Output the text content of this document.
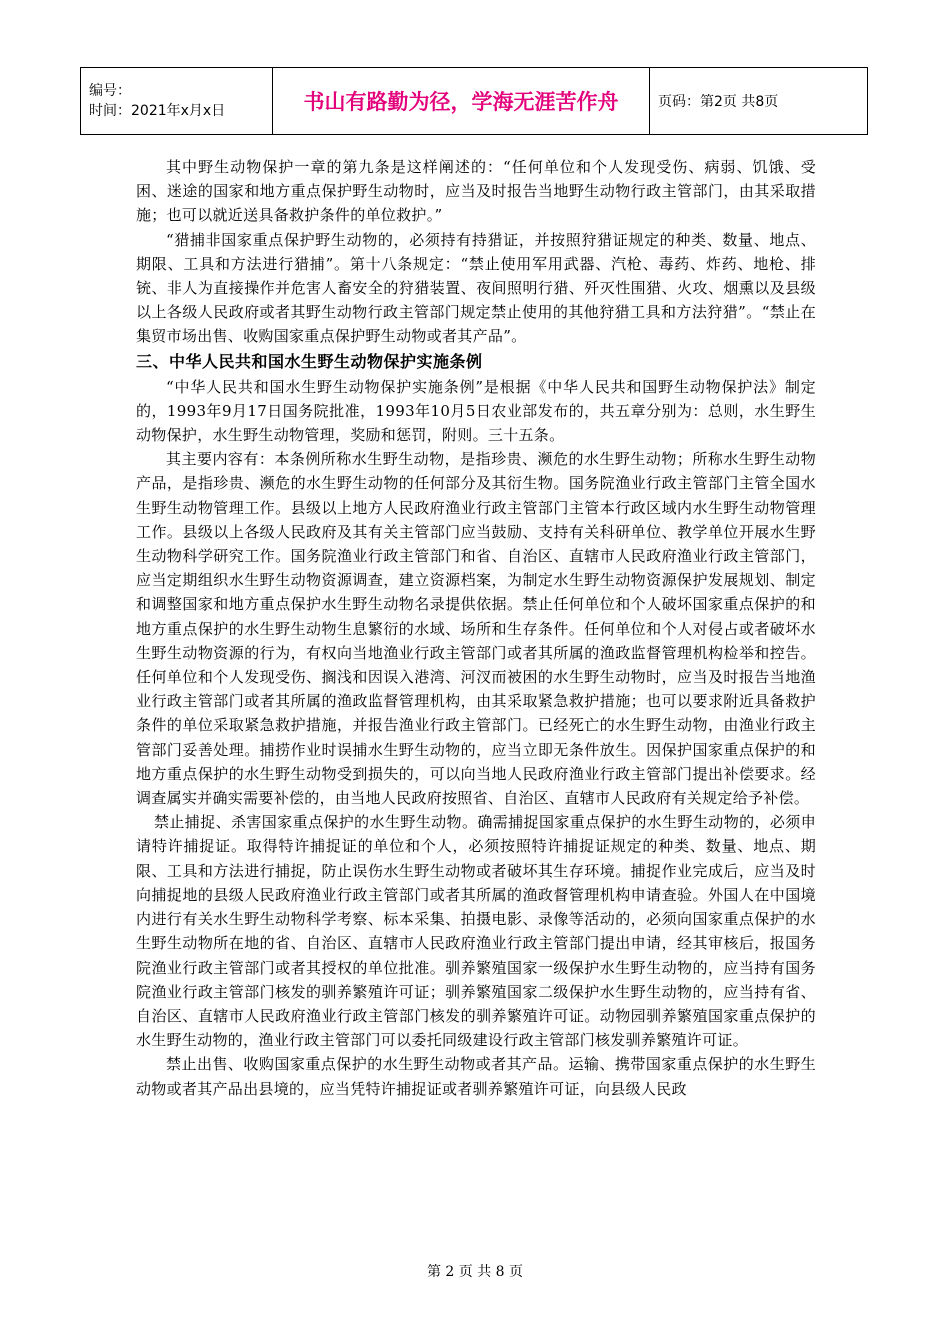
编号：
时间：2021年x月x日	书山有路勤为径，学海无涯苦作舟	页码：第2页 共8页

其中野生动物保护一章的第九条是这样阐述的：“任何单位和个人发现受伤、病弱、饥饿、受困、迷途的国家和地方重点保护野生动物时，应当及时报告当地野生动物行政主管部门，由其采取措施；也可以就近送具备救护条件的单位救护。”

“猎捕非国家重点保护野生动物的，必须持有持猎证，并按照狩猎证规定的种类、数量、地点、期限、工具和方法进行猎捕”。第十八条规定：“禁止使用军用武器、汽枪、毒药、炸药、地枪、排铳、非人为直接操作并危害人畜安全的狩猎装置、夜间照明行猎、歼灭性围猎、火攻、烟熏以及县级以上各级人民政府或者其野生动物行政主管部门规定禁止使用的其他狩猎工具和方法狩猎”。“禁止在集贸市场出售、收购国家重点保护野生动物或者其产品”。

三、中华人民共和国水生野生动物保护实施条例

“中华人民共和国水生野生动物保护实施条例”是根据《中华人民共和国野生动物保护法》制定的，1993年9月17日国务院批准，1993年10月5日农业部发布的，共五章分别为：总则，水生野生动物保护，水生野生动物管理，奖励和惩罚，附则。三十五条。

其主要内容有：本条例所称水生野生动物，是指珍贵、濒危的水生野生动物；所称水生野生动物产品，是指珍贵、濒危的水生野生动物的任何部分及其衍生物。国务院渔业行政主管部门主管全国水生野生动物管理工作。县级以上地方人民政府渔业行政主管部门主管本行政区域内水生野生动物管理工作。县级以上各级人民政府及其有关主管部门应当鼓励、支持有关科研单位、教学单位开展水生野生动物科学研究工作。国务院渔业行政主管部门和省、自治区、直辖市人民政府渔业行政主管部门，应当定期组织水生野生动物资源调查，建立资源档案，为制定水生野生动物资源保护发展规划、制定和调整国家和地方重点保护水生野生动物名录提供依据。禁止任何单位和个人破坏国家重点保护的和地方重点保护的水生野生动物生息繁衍的水域、场所和生存条件。任何单位和个人对侵占或者破坏水生野生动物资源的行为，有权向当地渔业行政主管部门或者其所属的渔政监督管理机构检举和控告。任何单位和个人发现受伤、搁浅和因误入港湾、河汊而被困的水生野生动物时，应当及时报告当地渔业行政主管部门或者其所属的渔政监督管理机构，由其采取紧急救护措施；也可以要求附近具备救护条件的单位采取紧急救护措施，并报告渔业行政主管部门。已经死亡的水生野生动物，由渔业行政主管部门妥善处理。捕捞作业时误捕水生野生动物的，应当立即无条件放生。因保护国家重点保护的和地方重点保护的水生野生动物受到损失的，可以向当地人民政府渔业行政主管部门提出补偿要求。经调查属实并确实需要补偿的，由当地人民政府按照省、自治区、直辖市人民政府有关规定给予补偿。

禁止捕捉、杀害国家重点保护的水生野生动物。确需捕捉国家重点保护的水生野生动物的，必须申请特许捕捉证。取得特许捕捉证的单位和个人，必须按照特许捕捉证规定的种类、数量、地点、期限、工具和方法进行捕捉，防止误伤水生野生动物或者破坏其生存环境。捕捉作业完成后，应当及时向捕捉地的县级人民政府渔业行政主管部门或者其所属的渔政督管理机构申请查验。外国人在中国境内进行有关水生野生动物科学考察、标本采集、拍摄电影、录像等活动的，必须向国家重点保护的水生野生动物所在地的省、自治区、直辖市人民政府渔业行政主管部门提出申请，经其审核后，报国务院渔业行政主管部门或者其授权的单位批准。驯养繁殖国家一级保护水生野生动物的，应当持有国务院渔业行政主管部门核发的驯养繁殖许可证；驯养繁殖国家二级保护水生野生动物的，应当持有省、自治区、直辖市人民政府渔业行政主管部门核发的驯养繁殖许可证。动物园驯养繁殖国家重点保护的水生野生动物的，渔业行政主管部门可以委托同级建设行政主管部门核发驯养繁殖许可证。

禁止出售、收购国家重点保护的水生野生动物或者其产品。运输、携带国家重点保护的水生野生动物或者其产品出县境的，应当凭特许捕捉证或者驯养繁殖许可证，向县级人民政

第 2 页 共 8 页
